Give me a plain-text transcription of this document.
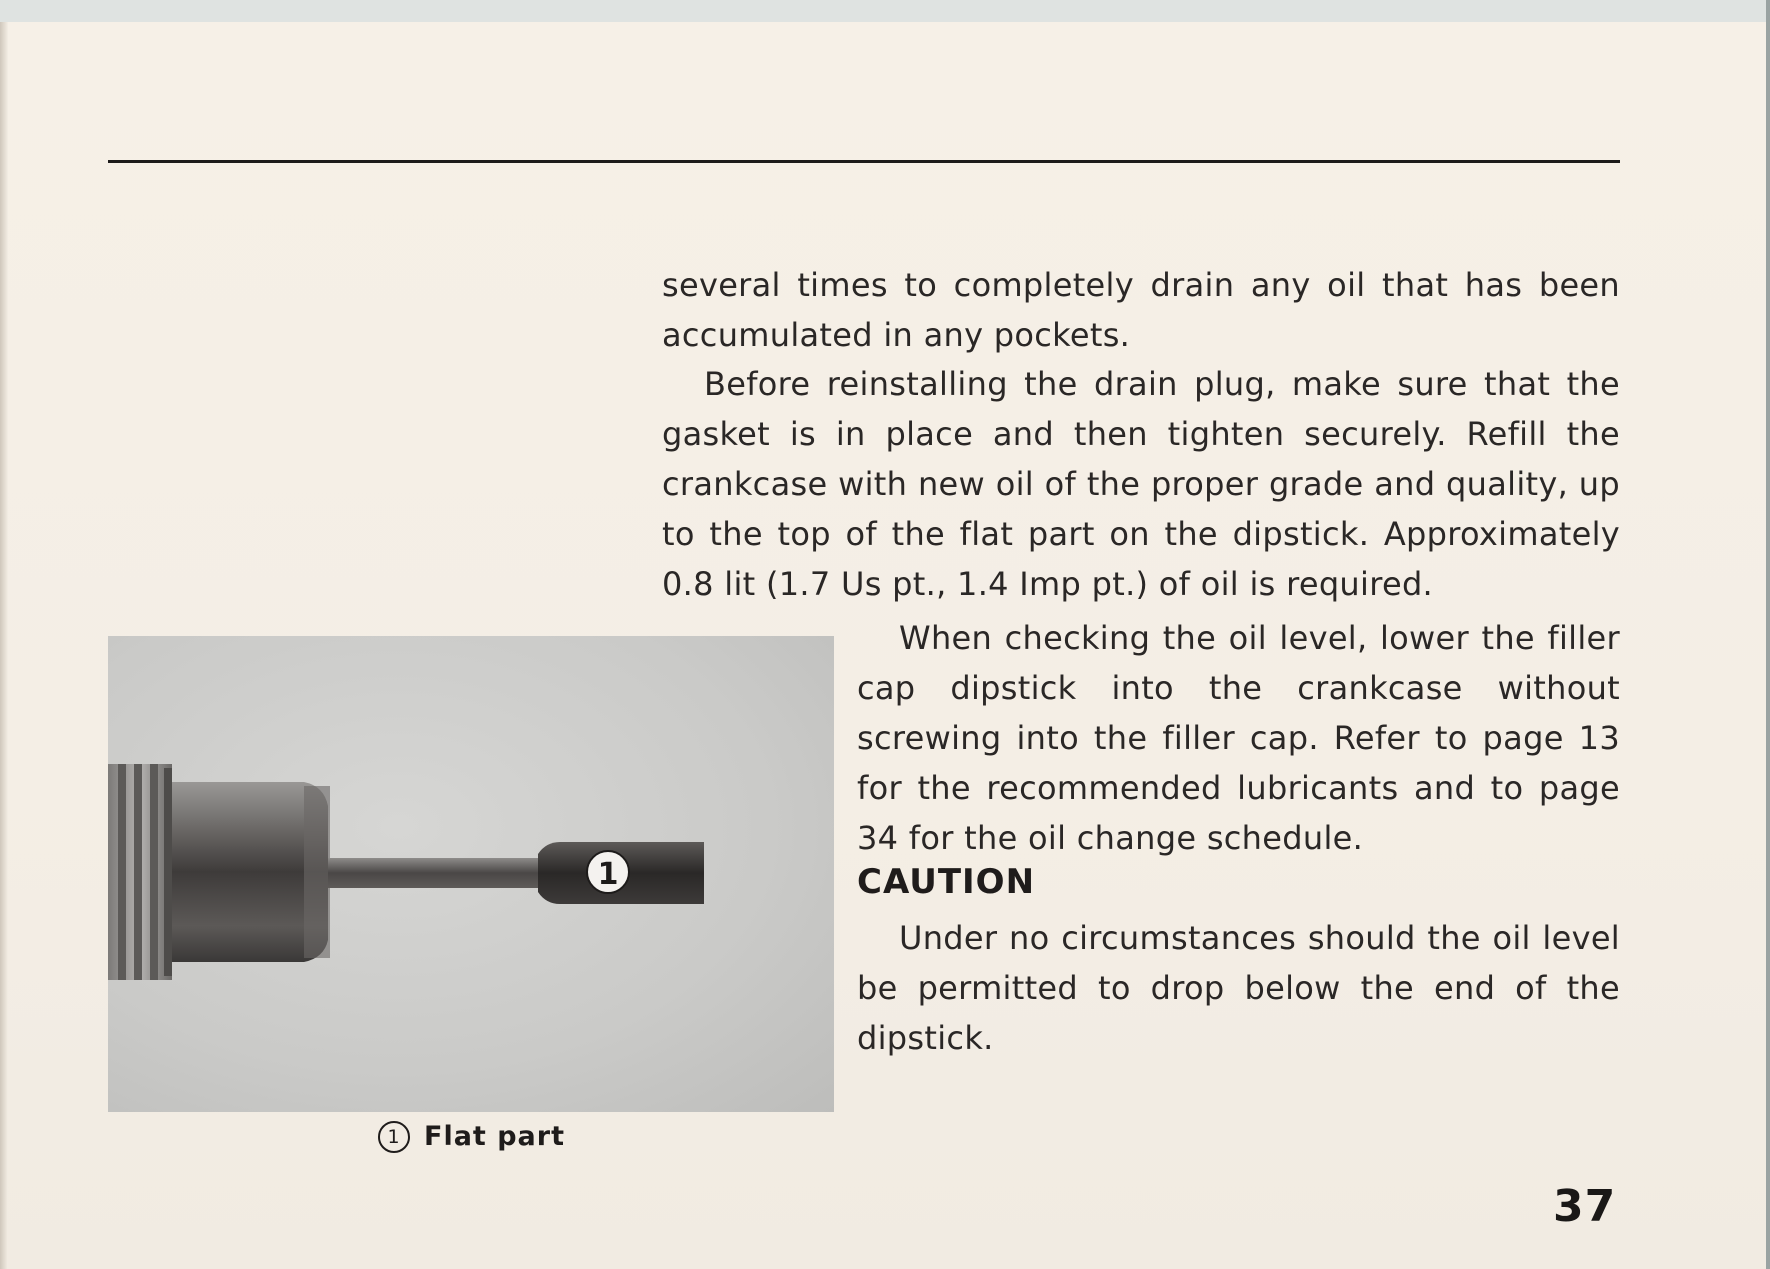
several times to completely drain any oil that has been accumulated in any pockets.
Before reinstalling the drain plug, make sure that the gasket is in place and then tighten securely. Refill the crankcase with new oil of the proper grade and quality, up to the top of the flat part on the dipstick. Approximately 0.8 lit (1.7 Us pt., 1.4 Imp pt.) of oil is required.
When checking the oil level, lower the filler cap dipstick into the crankcase without screwing into the filler cap. Refer to page 13 for the recommended lubricants and to page 34 for the oil change schedule.
CAUTION
Under no circumstances should the oil level be permitted to drop below the end of the dipstick.
1
1 Flat part
37
